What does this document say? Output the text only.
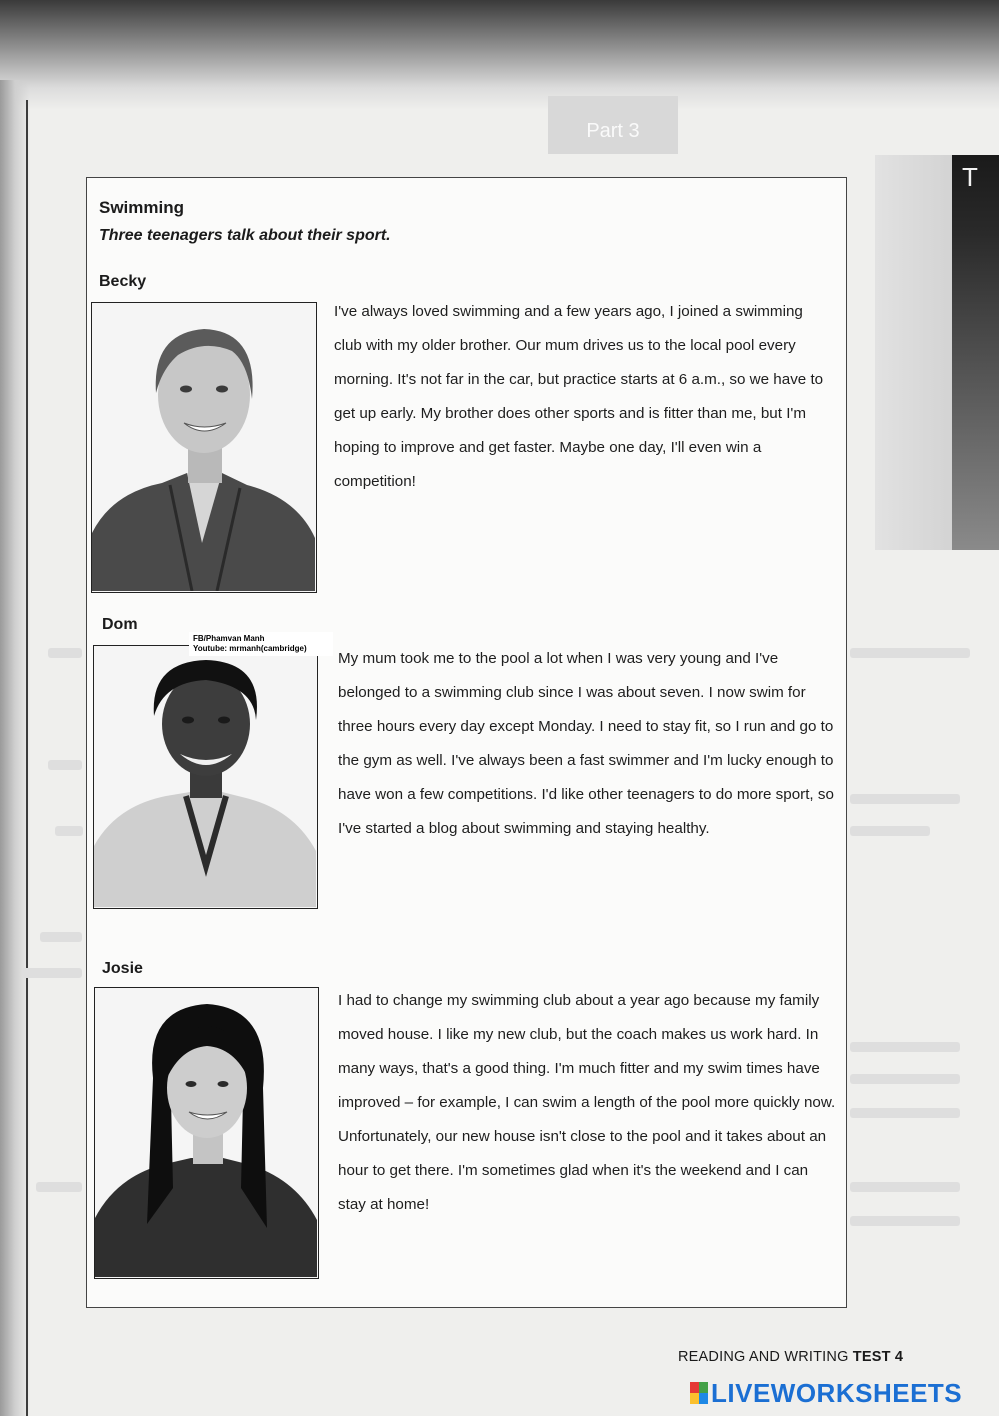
Part 3
T
Swimming
Three teenagers talk about their sport.
Becky

I've always loved swimming and a few years ago, I joined a swimming club with my older brother. Our mum drives us to the local pool every morning. It's not far in the car, but practice starts at 6 a.m., so we have to get up early. My brother does other sports and is fitter than me, but I'm hoping to improve and get faster. Maybe one day, I'll even win a competition!

Dom
FB/Phamvan Manh
Youtube: mrmanh(cambridge)

My mum took me to the pool a lot when I was very young and I've belonged to a swimming club since I was about seven. I now swim for three hours every day except Monday. I need to stay fit, so I run and go to the gym as well. I've always been a fast swimmer and I'm lucky enough to have won a few competitions. I'd like other teenagers to do more sport, so I've started a blog about swimming and staying healthy.

Josie

I had to change my swimming club about a year ago because my family moved house. I like my new club, but the coach makes us work hard. In many ways, that's a good thing. I'm much fitter and my swim times have improved – for example, I can swim a length of the pool more quickly now. Unfortunately, our new house isn't close to the pool and it takes about an hour to get there. I'm sometimes glad when it's the weekend and I can stay at home!

READING AND WRITING TEST 4
LIVEWORKSHEETS
